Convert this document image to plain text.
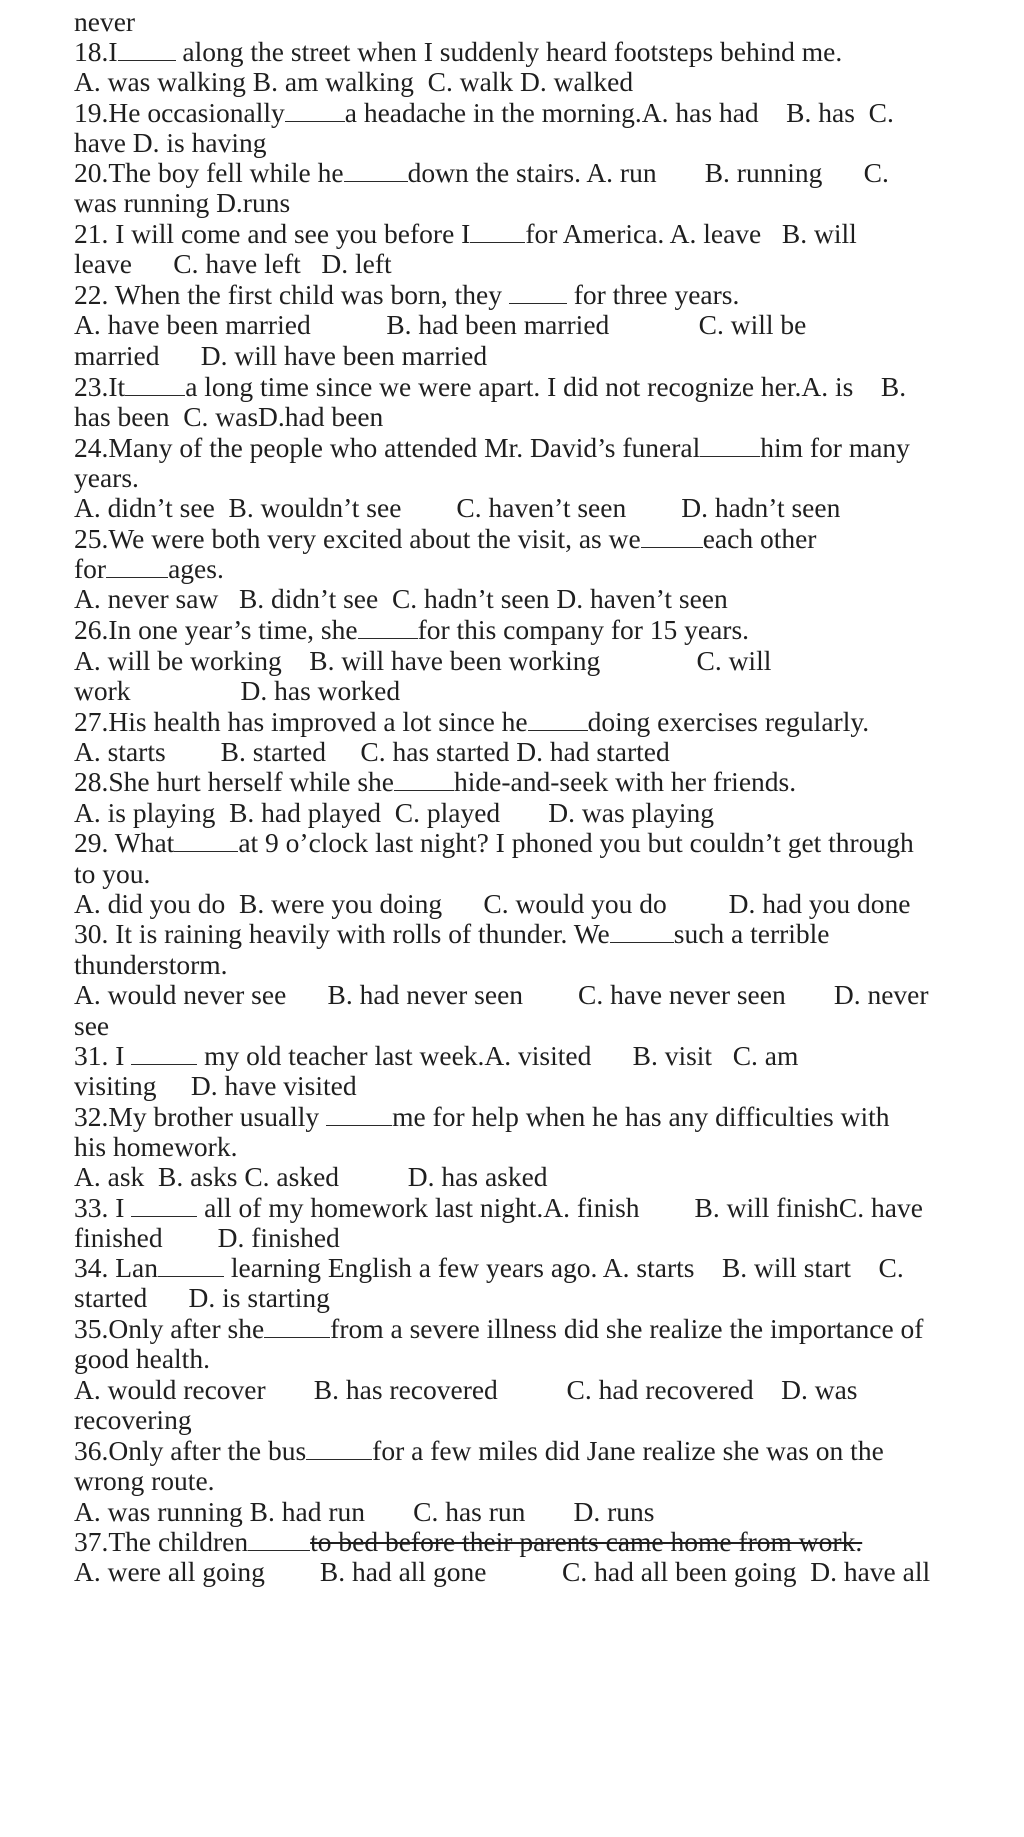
never
18.I along the street when I suddenly heard footsteps behind me.
A. was walking B. am walking  C. walk D. walked
19.He occasionally a headache in the morning.A. has had    B. has  C.
have D. is having
20.The boy fell while he down the stairs. A. run       B. running      C.
was running D.runs
21. I will come and see you before I for America. A. leave   B. will
leave      C. have left   D. left
22. When the first child was born, they  for three years.
A. have been married           B. had been married             C. will be
married      D. will have been married
23.It a long time since we were apart. I did not recognize her.A. is    B.
has been  C. wasD.had been
24.Many of the people who attended Mr. David’s funeral him for many
years.
A. didn’t see  B. wouldn’t see        C. haven’t seen        D. hadn’t seen
25.We were both very excited about the visit, as we each other
for ages.
A. never saw   B. didn’t see  C. hadn’t seen D. haven’t seen
26.In one year’s time, she for this company for 15 years.
A. will be working    B. will have been working              C. will
work                D. has worked
27.His health has improved a lot since he doing exercises regularly.
A. starts        B. started     C. has started D. had started
28.She hurt herself while she hide-and-seek with her friends.
A. is playing  B. had played  C. played       D. was playing
29. What at 9 o’clock last night? I phoned you but couldn’t get through
to you.
A. did you do  B. were you doing      C. would you do         D. had you done
30. It is raining heavily with rolls of thunder. We such a terrible
thunderstorm.
A. would never see      B. had never seen        C. have never seen       D. never
see
31. I  my old teacher last week.A. visited      B. visit   C. am
visiting     D. have visited
32.My brother usually me for help when he has any difficulties with
his homework.
A. ask  B. asks C. asked          D. has asked
33. I  all of my homework last night.A. finish        B. will finishC. have
finished        D. finished
34. Lan learning English a few years ago. A. starts    B. will start    C.
started      D. is starting
35.Only after she from a severe illness did she realize the importance of
good health.
A. would recover       B. has recovered          C. had recovered    D. was
recovering
36.Only after the bus for a few miles did Jane realize she was on the
wrong route.
A. was running B. had run       C. has run       D. runs
37.The children to bed before their parents came home from work.
A. were all going        B. had all gone           C. had all been going  D. have all
